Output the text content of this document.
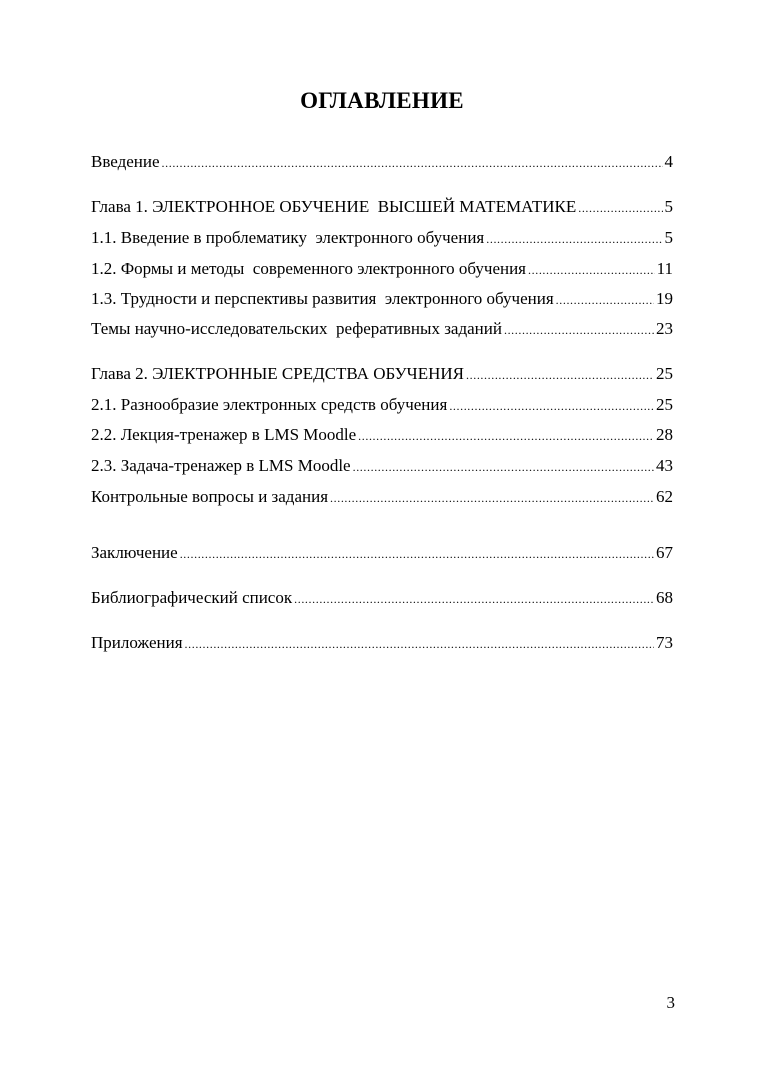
ОГЛАВЛЕНИЕ
Введение . . .	4
Глава 1. ЭЛЕКТРОННОЕ ОБУЧЕНИЕ  ВЫСШЕЙ МАТЕМАТИКЕ . . .	5
1.1. Введение в проблематику  электронного обучения . . .	5
1.2. Формы и методы  современного электронного обучения . . .	11
1.3. Трудности и перспективы развития  электронного обучения . . .	19
Темы научно-исследовательских  реферативных заданий . . .	23
Глава 2. ЭЛЕКТРОННЫЕ СРЕДСТВА ОБУЧЕНИЯ . . .	25
2.1. Разнообразие электронных средств обучения . . .	25
2.2. Лекция-тренажер в LMS Moodle . . .	28
2.3. Задача-тренажер в LMS Moodle . . .	43
Контрольные вопросы и задания . . .	62
Заключение . . .	67
Библиографический список . . .	68
Приложения . . .	73
3
